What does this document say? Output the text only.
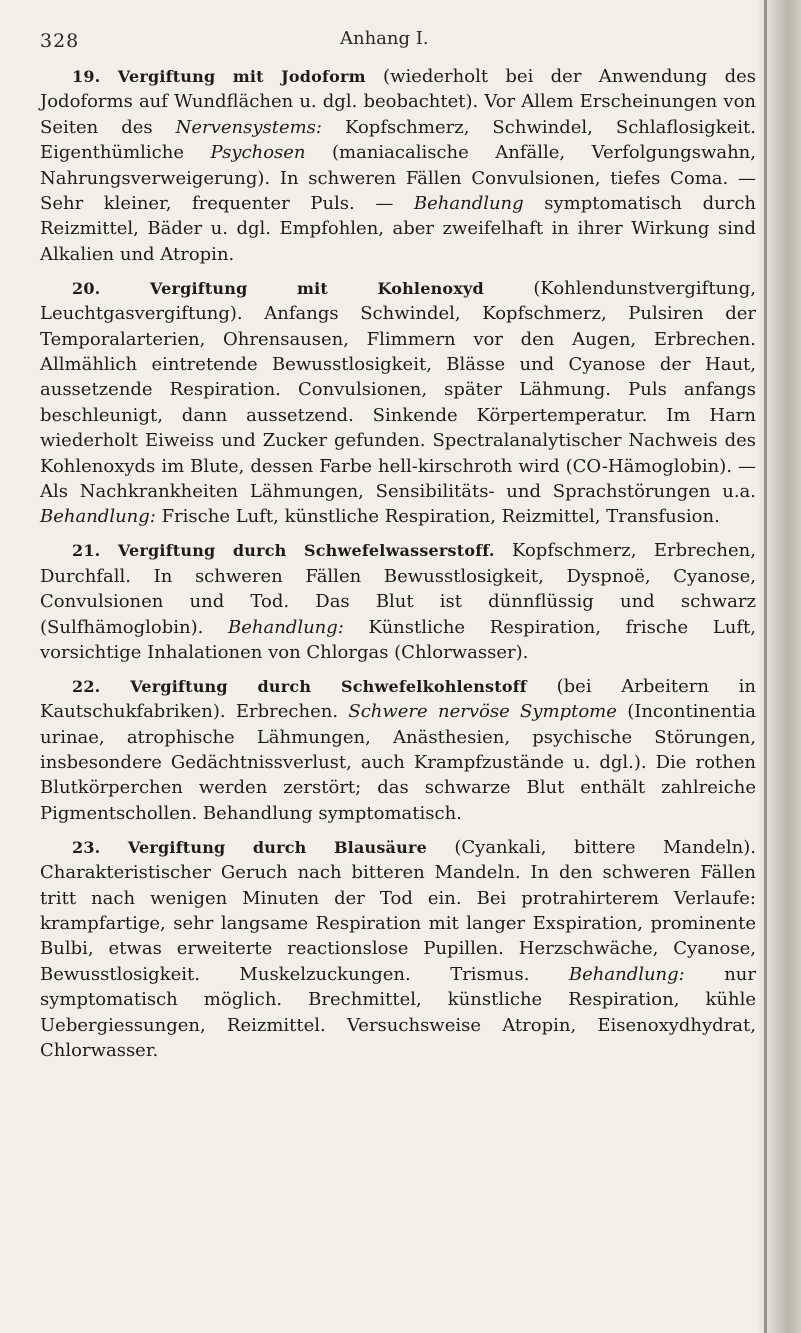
328	Anhang I.

19. Vergiftung mit Jodoform (wiederholt bei der Anwendung des Jodoforms auf Wundflächen u. dgl. beobachtet). Vor Allem Erscheinungen von Seiten des Nervensystems: Kopfschmerz, Schwindel, Schlaflosigkeit. Eigenthümliche Psychosen (maniacalische Anfälle, Verfolgungswahn, Nahrungsverweigerung). In schweren Fällen Convulsionen, tiefes Coma. — Sehr kleiner, frequenter Puls. — Behandlung symptomatisch durch Reizmittel, Bäder u. dgl. Empfohlen, aber zweifelhaft in ihrer Wirkung sind Alkalien und Atropin.

20. Vergiftung mit Kohlenoxyd (Kohlendunstvergiftung, Leuchtgasvergiftung). Anfangs Schwindel, Kopfschmerz, Pulsiren der Temporalarterien, Ohrensausen, Flimmern vor den Augen, Erbrechen. Allmählich eintretende Bewusstlosigkeit, Blässe und Cyanose der Haut, aussetzende Respiration. Convulsionen, später Lähmung. Puls anfangs beschleunigt, dann aussetzend. Sinkende Körpertemperatur. Im Harn wiederholt Eiweiss und Zucker gefunden. Spectralanalytischer Nachweis des Kohlenoxyds im Blute, dessen Farbe hell-kirschroth wird (CO-Hämoglobin). — Als Nachkrankheiten Lähmungen, Sensibilitäts- und Sprachstörungen u.a. Behandlung: Frische Luft, künstliche Respiration, Reizmittel, Transfusion.

21. Vergiftung durch Schwefelwasserstoff. Kopfschmerz, Erbrechen, Durchfall. In schweren Fällen Bewusstlosigkeit, Dyspnoë, Cyanose, Convulsionen und Tod. Das Blut ist dünnflüssig und schwarz (Sulfhämoglobin). Behandlung: Künstliche Respiration, frische Luft, vorsichtige Inhalationen von Chlorgas (Chlorwasser).

22. Vergiftung durch Schwefelkohlenstoff (bei Arbeitern in Kautschukfabriken). Erbrechen. Schwere nervöse Symptome (Incontinentia urinae, atrophische Lähmungen, Anästhesien, psychische Störungen, insbesondere Gedächtnissverlust, auch Krampfzustände u. dgl.). Die rothen Blutkörperchen werden zerstört; das schwarze Blut enthält zahlreiche Pigmentschollen. Behandlung symptomatisch.

23. Vergiftung durch Blausäure (Cyankali, bittere Mandeln). Charakteristischer Geruch nach bitteren Mandeln. In den schweren Fällen tritt nach wenigen Minuten der Tod ein. Bei protrahirterem Verlaufe: krampfartige, sehr langsame Respiration mit langer Exspiration, prominente Bulbi, etwas erweiterte reactionslose Pupillen. Herzschwäche, Cyanose, Bewusstlosigkeit. Muskelzuckungen. Trismus. Behandlung: nur symptomatisch möglich. Brechmittel, künstliche Respiration, kühle Uebergiessungen, Reizmittel. Versuchsweise Atropin, Eisenoxydhydrat, Chlorwasser.
